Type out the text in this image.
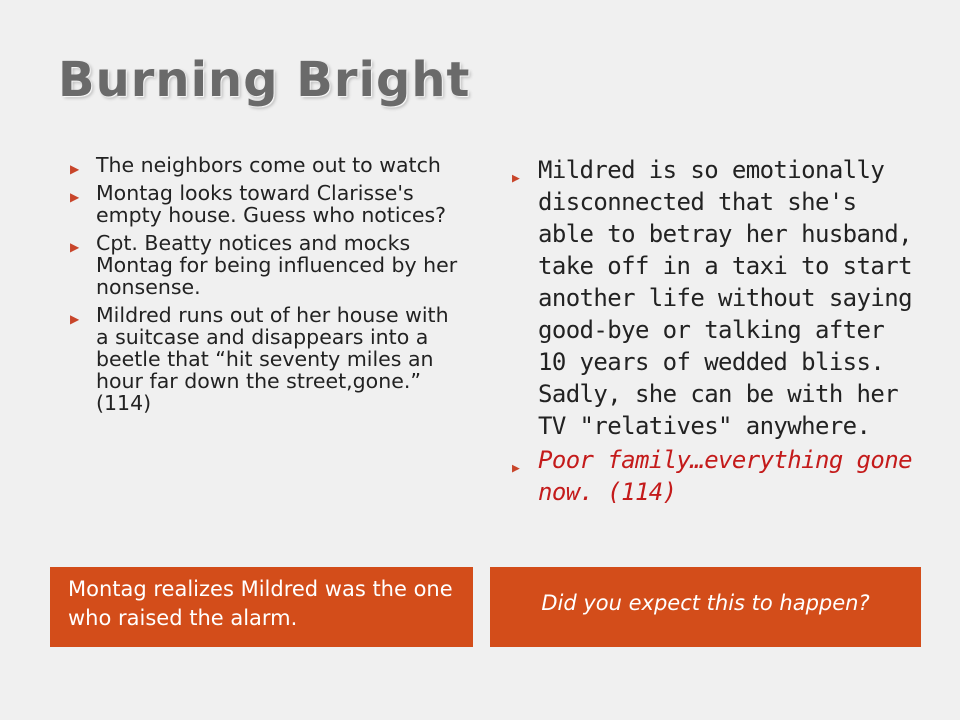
Burning Bright
▶ The neighbors come out to watch
▶ Montag looks toward Clarisse's empty house. Guess who notices?
▶ Cpt. Beatty notices and mocks Montag for being influenced by her nonsense.
▶ Mildred runs out of her house with a suitcase and disappears into a beetle that “hit seventy miles an hour far down the street,gone.” (114)
▶ Mildred is so emotionally disconnected that she's able to betray her husband, take off in a taxi to start another life without saying good-bye or talking after 10 years of wedded bliss. Sadly, she can be with her TV "relatives" anywhere.
▶ Poor family…everything gone now. (114)
Montag realizes Mildred was the one who raised the alarm.
Did you expect this to happen?
